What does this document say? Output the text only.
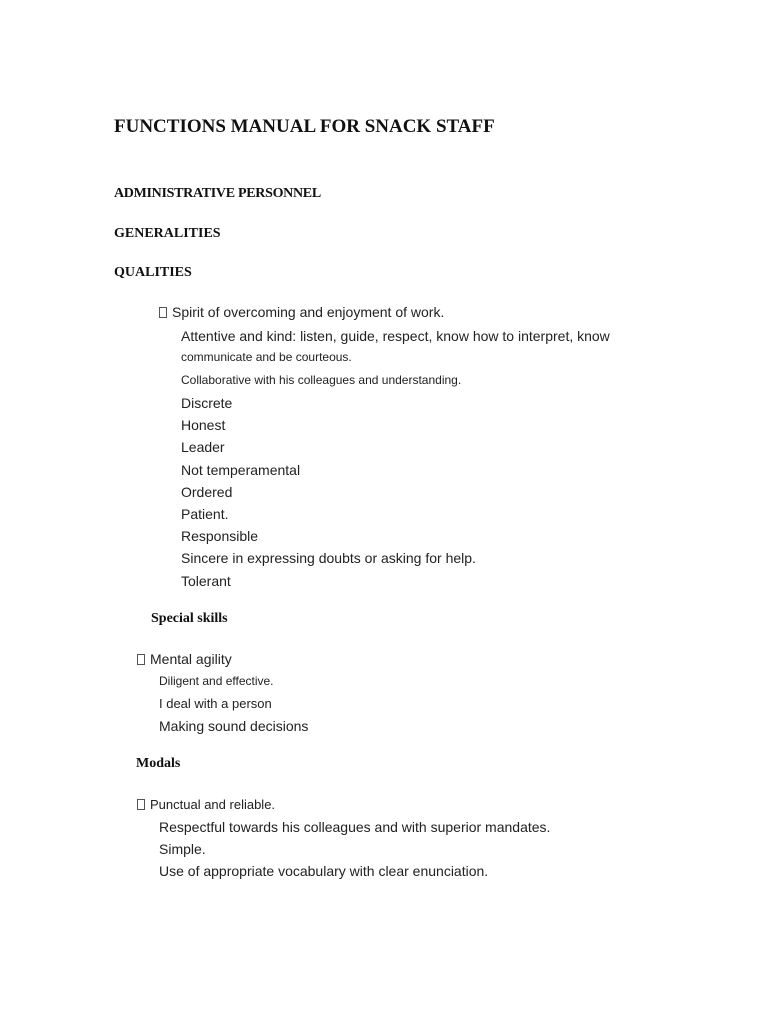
FUNCTIONS MANUAL FOR SNACK STAFF
ADMINISTRATIVE PERSONNEL
GENERALITIES
QUALITIES
Spirit of overcoming and enjoyment of work.
Attentive and kind: listen, guide, respect, know how to interpret, know
communicate and be courteous.
Collaborative with his colleagues and understanding.
Discrete
Honest
Leader
Not temperamental
Ordered
Patient.
Responsible
Sincere in expressing doubts or asking for help.
Tolerant
Special skills
Mental agility
Diligent and effective.
I deal with a person
Making sound decisions
Modals
Punctual and reliable.
Respectful towards his colleagues and with superior mandates.
Simple.
Use of appropriate vocabulary with clear enunciation.
